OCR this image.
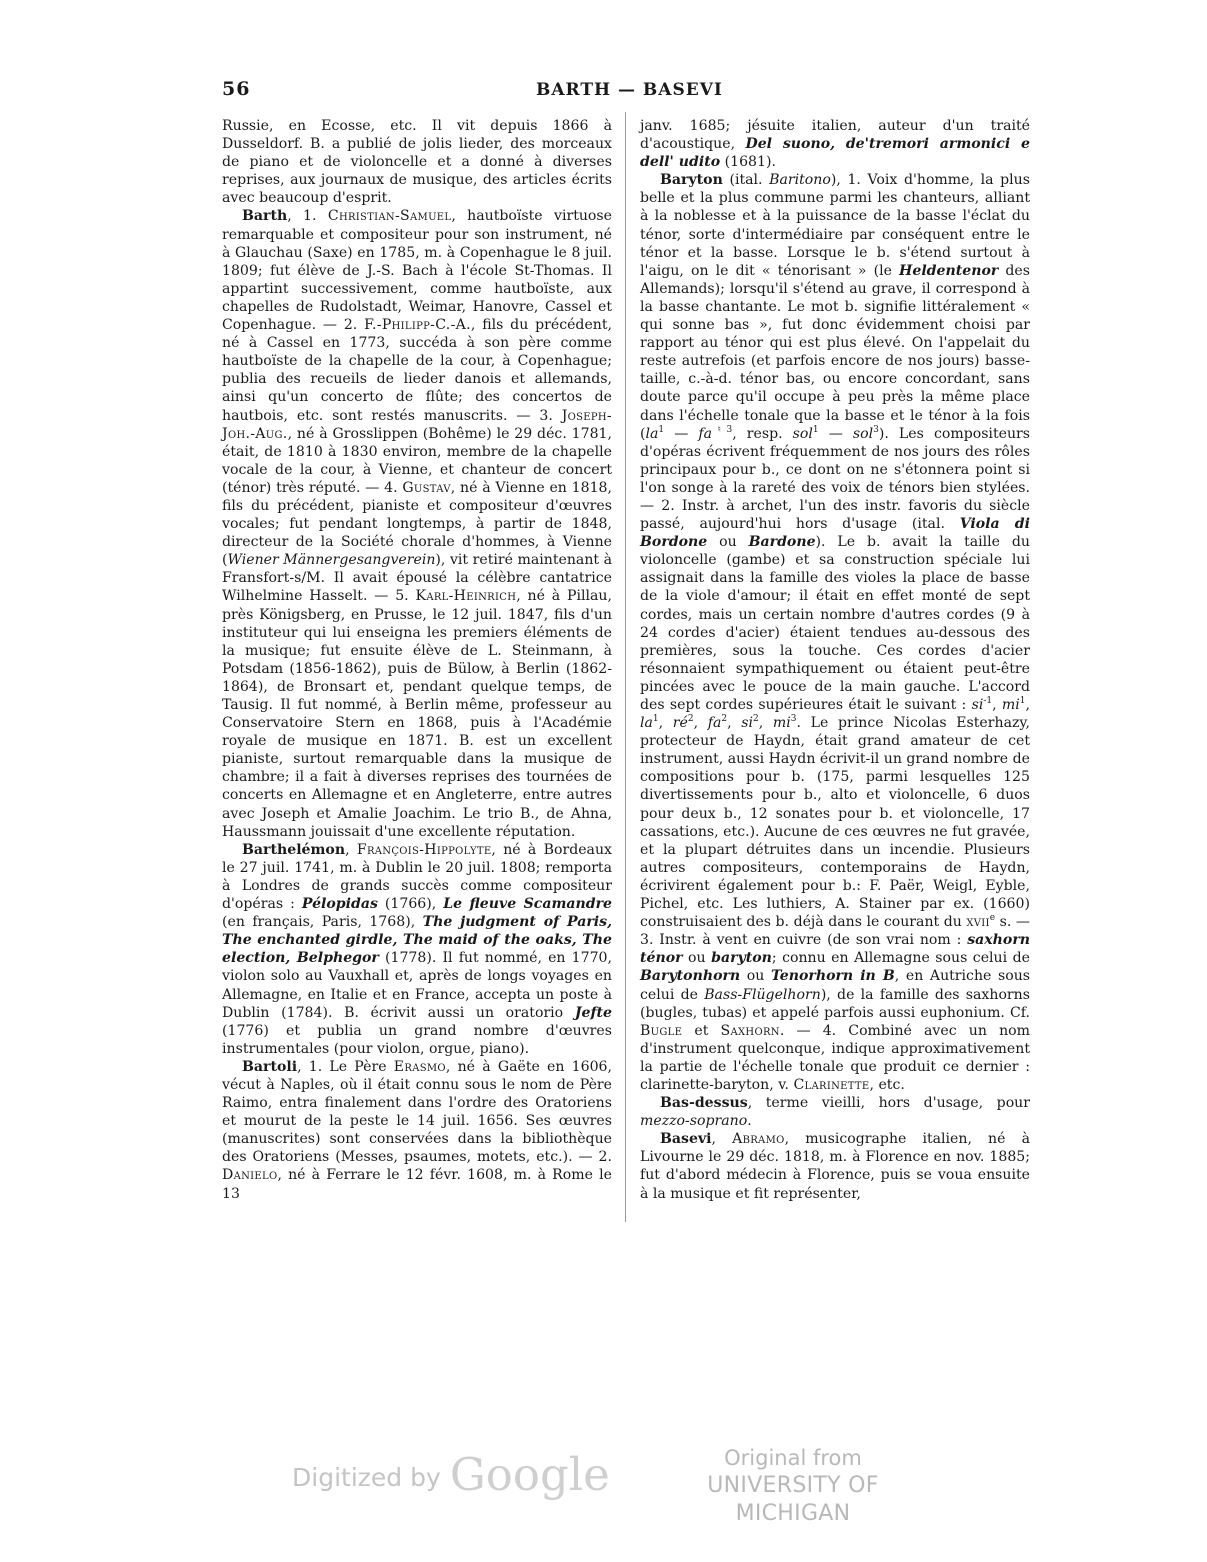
56	BARTH — BASEVI

Russie, en Ecosse, etc. Il vit depuis 1866 à Dusseldorf. B. a publié de jolis lieder, des morceaux de piano et de violoncelle et a donné à diverses reprises, aux journaux de musique, des articles écrits avec beaucoup d'esprit.

Barth, 1. Christian-Samuel, hautboïste virtuose remarquable et compositeur pour son instrument, né à Glauchau (Saxe) en 1785, m. à Copenhague le 8 juil. 1809; fut élève de J.-S. Bach à l'école St-Thomas. Il appartint successivement, comme hautboïste, aux chapelles de Rudolstadt, Weimar, Hanovre, Cassel et Copenhague. — 2. F.-Philipp-C.-A., fils du précédent, né à Cassel en 1773, succéda à son père comme hautboïste de la chapelle de la cour, à Copenhague; publia des recueils de lieder danois et allemands, ainsi qu'un concerto de flûte; des concertos de hautbois, etc. sont restés manuscrits. — 3. Joseph-Joh.-Aug., né à Grosslippen (Bohême) le 29 déc. 1781, était, de 1810 à 1830 environ, membre de la chapelle vocale de la cour, à Vienne, et chanteur de concert (ténor) très réputé. — 4. Gustav, né à Vienne en 1818, fils du précédent, pianiste et compositeur d'œuvres vocales; fut pendant longtemps, à partir de 1848, directeur de la Société chorale d'hommes, à Vienne (Wiener Männergesangverein), vit retiré maintenant à Fransfort-s/M. Il avait épousé la célèbre cantatrice Wilhelmine Hasselt. — 5. Karl-Heinrich, né à Pillau, près Königsberg, en Prusse, le 12 juil. 1847, fils d'un instituteur qui lui enseigna les premiers éléments de la musique; fut ensuite élève de L. Steinmann, à Potsdam (1856-1862), puis de Bülow, à Berlin (1862-1864), de Bronsart et, pendant quelque temps, de Tausig. Il fut nommé, à Berlin même, professeur au Conservatoire Stern en 1868, puis à l'Académie royale de musique en 1871. B. est un excellent pianiste, surtout remarquable dans la musique de chambre; il a fait à diverses reprises des tournées de concerts en Allemagne et en Angleterre, entre autres avec Joseph et Amalie Joachim. Le trio B., de Ahna, Haussmann jouissait d'une excellente réputation.

Barthelémon, François-Hippolyte, né à Bordeaux le 27 juil. 1741, m. à Dublin le 20 juil. 1808; remporta à Londres de grands succès comme compositeur d'opéras : Pélopidas (1766), Le fleuve Scamandre (en français, Paris, 1768), The judgment of Paris, The enchanted girdle, The maid of the oaks, The election, Belphegor (1778). Il fut nommé, en 1770, violon solo au Vauxhall et, après de longs voyages en Allemagne, en Italie et en France, accepta un poste à Dublin (1784). B. écrivit aussi un oratorio Jefte (1776) et publia un grand nombre d'œuvres instrumentales (pour violon, orgue, piano).

Bartoli, 1. Le Père Erasmo, né à Gaëte en 1606, vécut à Naples, où il était connu sous le nom de Père Raimo, entra finalement dans l'ordre des Oratoriens et mourut de la peste le 14 juil. 1656. Ses œuvres (manuscrites) sont conservées dans la bibliothèque des Oratoriens (Messes, psaumes, motets, etc.). — 2. Danielo, né à Ferrare le 12 févr. 1608, m. à Rome le 13

janv. 1685; jésuite italien, auteur d'un traité d'acoustique, Del suono, de'tremori armonici e dell' udito (1681).

Baryton (ital. Baritono), 1. Voix d'homme, la plus belle et la plus commune parmi les chanteurs, alliant à la noblesse et à la puissance de la basse l'éclat du ténor, sorte d'intermédiaire par conséquent entre le ténor et la basse. Lorsque le b. s'étend surtout à l'aigu, on le dit « ténorisant » (le Heldentenor des Allemands); lorsqu'il s'étend au grave, il correspond à la basse chantante. Le mot b. signifie littéralement « qui sonne bas », fut donc évidemment choisi par rapport au ténor qui est plus élevé. On l'appelait du reste autrefois (et parfois encore de nos jours) basse-taille, c.-à-d. ténor bas, ou encore concordant, sans doute parce qu'il occupe à peu près la même place dans l'échelle tonale que la basse et le ténor à la fois ($la^1$ — $fa^{♮3}$, resp. sol$^1$ — sol$^3$). Les compositeurs d'opéras écrivent fréquemment de nos jours des rôles principaux pour b., ce dont on ne s'étonnera point si l'on songe à la rareté des voix de ténors bien stylées. — 2. Instr. à archet, l'un des instr. favoris du siècle passé, aujourd'hui hors d'usage (ital. Viola di Bordone ou Bardone). Le b. avait la taille du violoncelle (gambe) et sa construction spéciale lui assignait dans la famille des violes la place de basse de la viole d'amour; il était en effet monté de sept cordes, mais un certain nombre d'autres cordes (9 à 24 cordes d'acier) étaient tendues au-dessous des premières, sous la touche. Ces cordes d'acier résonnaient sympathiquement ou étaient peut-être pincées avec le pouce de la main gauche. L'accord des sept cordes supérieures était le suivant : $si^{-1}$, $mi^1$, $la^1$, $ré^2$, $fa^2$, $si^2$, $mi^3$. Le prince Nicolas Esterhazy, protecteur de Haydn, était grand amateur de cet instrument, aussi Haydn écrivit-il un grand nombre de compositions pour b. (175, parmi lesquelles 125 divertissements pour b., alto et violoncelle, 6 duos pour deux b., 12 sonates pour b. et violoncelle, 17 cassations, etc.). Aucune de ces œuvres ne fut gravée, et la plupart détruites dans un incendie. Plusieurs autres compositeurs, contemporains de Haydn, écrivirent également pour b.: F. Paër, Weigl, Eyble, Pichel, etc. Les luthiers, A. Stainer par ex. (1660) construisaient des b. déjà dans le courant du xvii$^e$ s. — 3. Instr. à vent en cuivre (de son vrai nom : saxhorn ténor ou baryton; connu en Allemagne sous celui de Barytonhorn ou Tenorhorn in B, en Autriche sous celui de Bass-Flügelhorn), de la famille des saxhorns (bugles, tubas) et appelé parfois aussi euphonium. Cf. Bugle et Saxhorn. — 4. Combiné avec un nom d'instrument quelconque, indique approximativement la partie de l'échelle tonale que produit ce dernier : clarinette-baryton, v. Clarinette, etc.

Bas-dessus, terme vieilli, hors d'usage, pour mezzo-soprano.

Basevi, Abramo, musicographe italien, né à Livourne le 29 déc. 1818, m. à Florence en nov. 1885; fut d'abord médecin à Florence, puis se voua ensuite à la musique et fit représenter,

Digitized by Google	Original from
UNIVERSITY OF MICHIGAN
